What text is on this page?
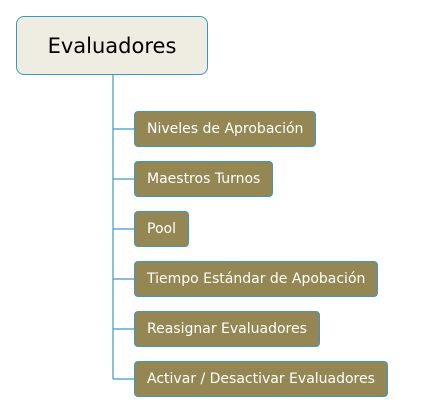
Evaluadores
Niveles de Aprobación
Maestros Turnos
Pool
Tiempo Estándar de Apobación
Reasignar Evaluadores
Activar / Desactivar Evaluadores
